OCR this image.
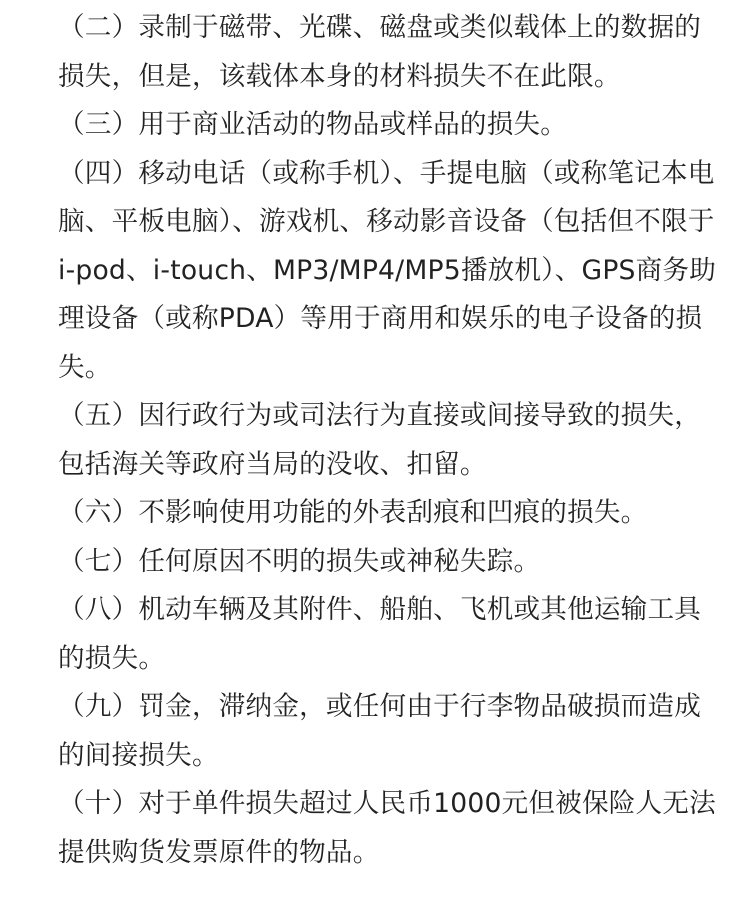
（二）录制于磁带、光碟、磁盘或类似载体上的数据的损失，但是，该载体本身的材料损失不在此限。

（三）用于商业活动的物品或样品的损失。

（四）移动电话（或称手机）、手提电脑（或称笔记本电脑、平板电脑）、游戏机、移动影音设备（包括但不限于i-pod、i-touch、MP3/MP4/MP5播放机）、GPS商务助理设备（或称PDA）等用于商用和娱乐的电子设备的损失。

（五）因行政行为或司法行为直接或间接导致的损失，包括海关等政府当局的没收、扣留。

（六）不影响使用功能的外表刮痕和凹痕的损失。

（七）任何原因不明的损失或神秘失踪。

（八）机动车辆及其附件、船舶、飞机或其他运输工具的损失。

（九）罚金，滞纳金，或任何由于行李物品破损而造成的间接损失。

（十）对于单件损失超过人民币1000元但被保险人无法提供购货发票原件的物品。
